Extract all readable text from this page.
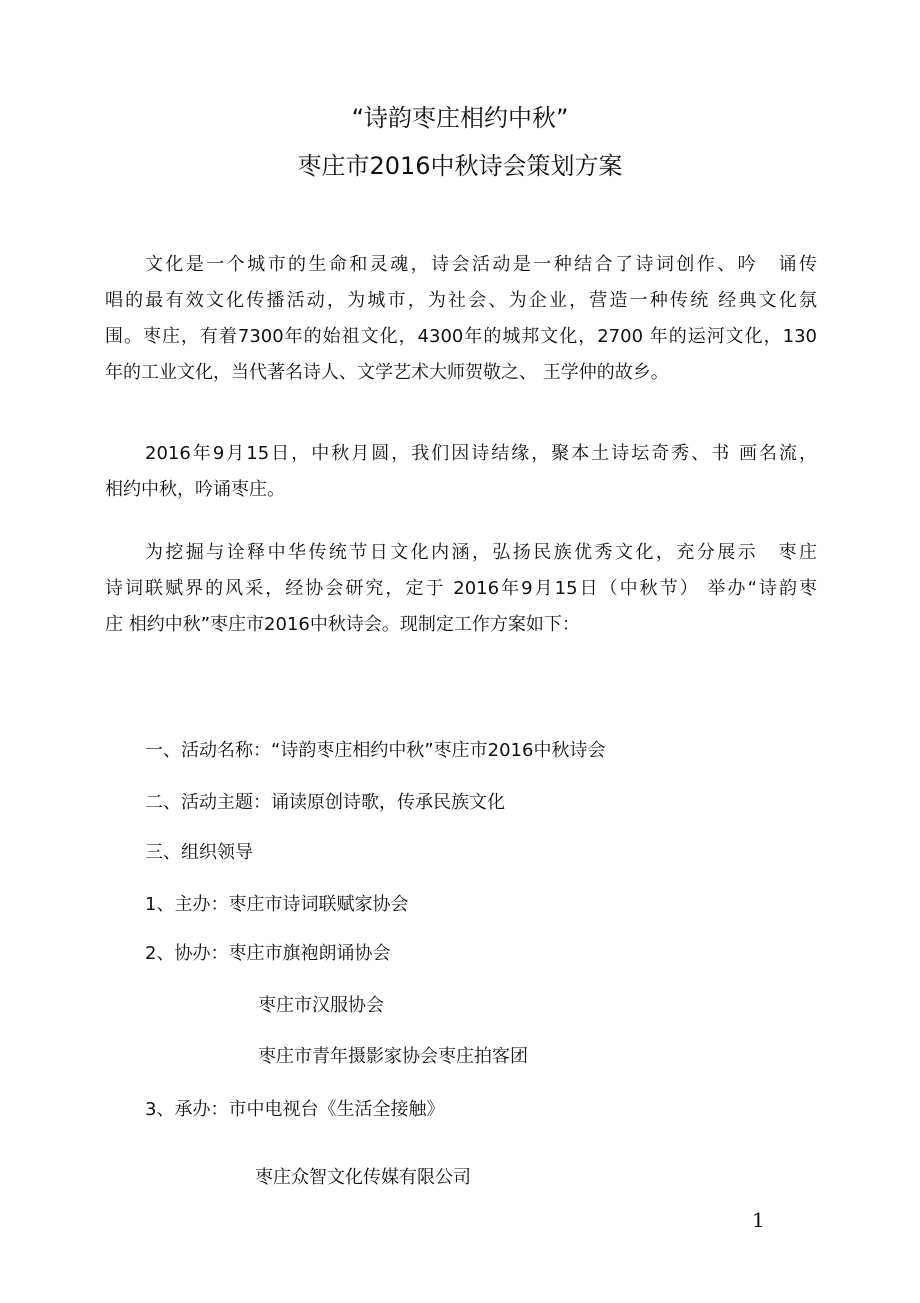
“诗韵枣庄相约中秋”
枣庄市2016中秋诗会策划方案
文化是一个城市的生命和灵魂，诗会活动是一种结合了诗词创作、吟　诵传
唱的最有效文化传播活动，为城市，为社会、为企业，营造一种传统 经典文化氛
围。枣庄，有着7300年的始祖文化，4300年的城邦文化，2700 年的运河文化，130
年的工业文化，当代著名诗人、文学艺术大师贺敬之、 王学仲的故乡。
2016年9月15日，中秋月圆，我们因诗结缘，聚本土诗坛奇秀、书 画名流，
相约中秋，吟诵枣庄。
为挖掘与诠释中华传统节日文化内涵，弘扬民族优秀文化，充分展示　枣庄
诗词联赋界的风采，经协会研究，定于 2016年9月15日（中秋节） 举办“诗韵枣
庄 相约中秋”枣庄市2016中秋诗会。现制定工作方案如下：
一、活动名称：“诗韵枣庄相约中秋”枣庄市2016中秋诗会
二、活动主题：诵读原创诗歌，传承民族文化
三、组织领导
1、主办：枣庄市诗词联赋家协会
2、协办：枣庄市旗袍朗诵协会
枣庄市汉服协会
枣庄市青年摄影家协会枣庄拍客团
3、承办：市中电视台《生活全接触》
枣庄众智文化传媒有限公司
1
